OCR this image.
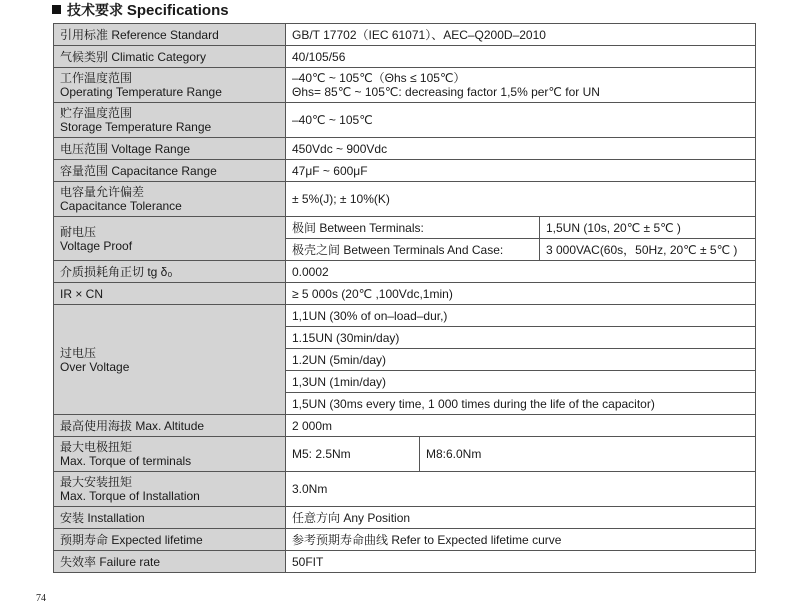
技术要求 Specifications
引用标准 Reference Standard	GB/T 17702（IEC 61071）、AEC–Q200D–2010		
气候类别 Climatic Category	40/105/56		

工作温度范围
Operating Temperature Range	–40℃ ~ 105℃（Θhs ≤ 105℃）
Θhs= 85℃ ~ 105℃: decreasing factor 1,5% per℃ for UN		

贮存温度范围
Storage Temperature Range	–40℃ ~ 105℃		
电压范围 Voltage Range	450Vdc ~ 900Vdc		
容量范围 Capacitance Range	47μF ~ 600μF		

电容量允许偏差
Capacitance Tolerance	± 5%(J); ± 10%(K)		

耐电压
Voltage Proof	极间 Between Terminals:		1,5UN (10s, 20℃ ± 5℃ )
	极壳之间 Between Terminals And Case:		3 000VAC(60s，50Hz, 20℃ ± 5℃ )
介质损耗角正切 tg δ₀	0.0002		
IR × CN	≥ 5 000s (20℃ ,100Vdc,1min)		

过电压
Over Voltage	1,1UN (30% of on–load–dur,)		
	1.15UN (30min/day)		
	1.2UN (5min/day)		
	1,3UN (1min/day)		
	1,5UN (30ms every time, 1 000 times during the life of the capacitor)		
最高使用海拔 Max. Altitude	2 000m		

最大电极扭矩
Max. Torque of terminals	M5: 2.5Nm	M8:6.0Nm	

最大安装扭矩
Max. Torque of Installation	3.0Nm		
安装 Installation	任意方向 Any Position		
预期寿命 Expected lifetime	参考预期寿命曲线 Refer to Expected lifetime curve		
失效率 Failure rate	50FIT		
74
